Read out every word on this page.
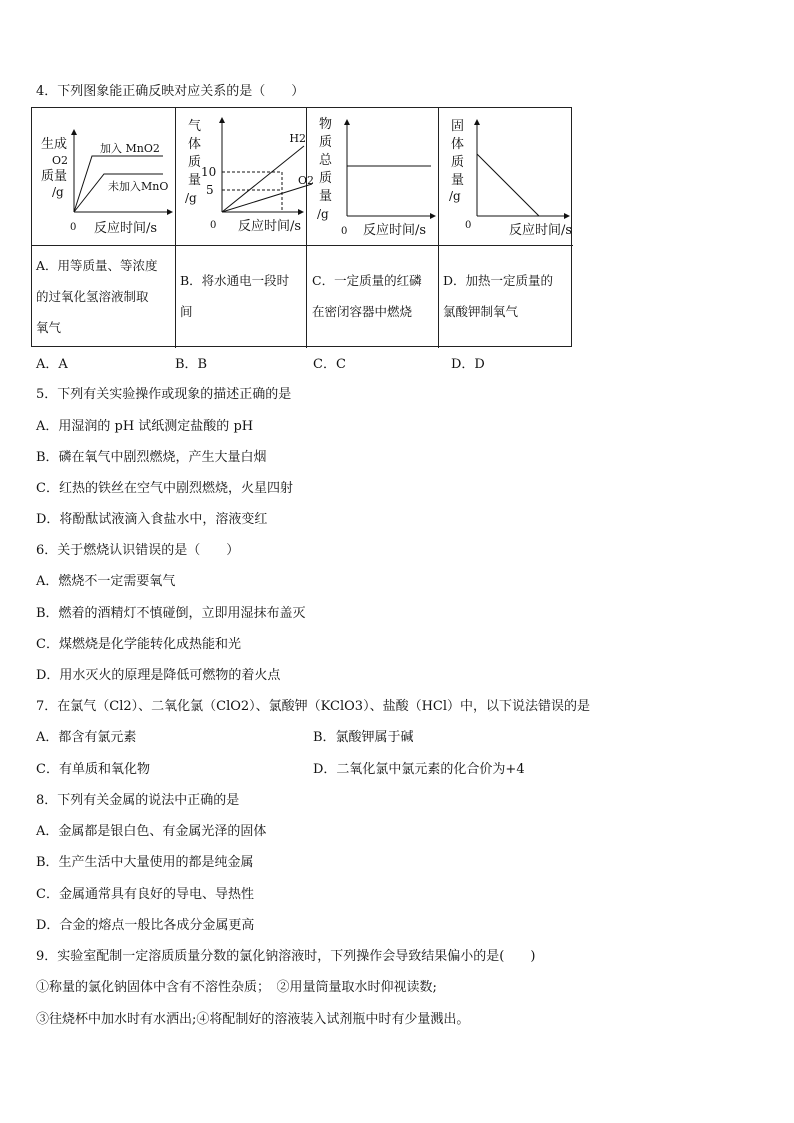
4．下列图象能正确反映对应关系的是（　　）
生成
O2
质量
/g
0 反应时间/s
加入 MnO2
未加入MnO
气
体
质
量
/g
10
5
H2
O2
0 反应时间/s
物
质
总
质
量
/g
0 反应时间/s
固
体
质
量
/g
0	反应时间/s
A．用等质量、等浓度
的过氧化氢溶液制取
氧气
B．将水通电一段时
间
C．一定质量的红磷
在密闭容器中燃烧
D．加热一定质量的
氯酸钾制氧气
A．A	B．B	C．C	D．D
5．下列有关实验操作或现象的描述正确的是
A．用湿润的 pH 试纸测定盐酸的 pH
B．磷在氧气中剧烈燃烧，产生大量白烟
C．红热的铁丝在空气中剧烈燃烧，火星四射
D．将酚酞试液滴入食盐水中，溶液变红
6．关于燃烧认识错误的是（　　）
A．燃烧不一定需要氧气
B．燃着的酒精灯不慎碰倒，立即用湿抹布盖灭
C．煤燃烧是化学能转化成热能和光
D．用水灭火的原理是降低可燃物的着火点
7．在氯气（Cl2）、二氧化氯（ClO2）、氯酸钾（KClO3）、盐酸（HCl）中，以下说法错误的是
A．都含有氯元素	B．氯酸钾属于碱
C．有单质和氧化物	D．二氧化氯中氯元素的化合价为+4
8．下列有关金属的说法中正确的是
A．金属都是银白色、有金属光泽的固体
B．生产生活中大量使用的都是纯金属
C．金属通常具有良好的导电、导热性
D．合金的熔点一般比各成分金属更高
9．实验室配制一定溶质质量分数的氯化钠溶液时，下列操作会导致结果偏小的是(　　)
①称量的氯化钠固体中含有不溶性杂质；　②用量筒量取水时仰视读数;
③往烧杯中加水时有水洒出;④将配制好的溶液装入试剂瓶中时有少量溅出。
